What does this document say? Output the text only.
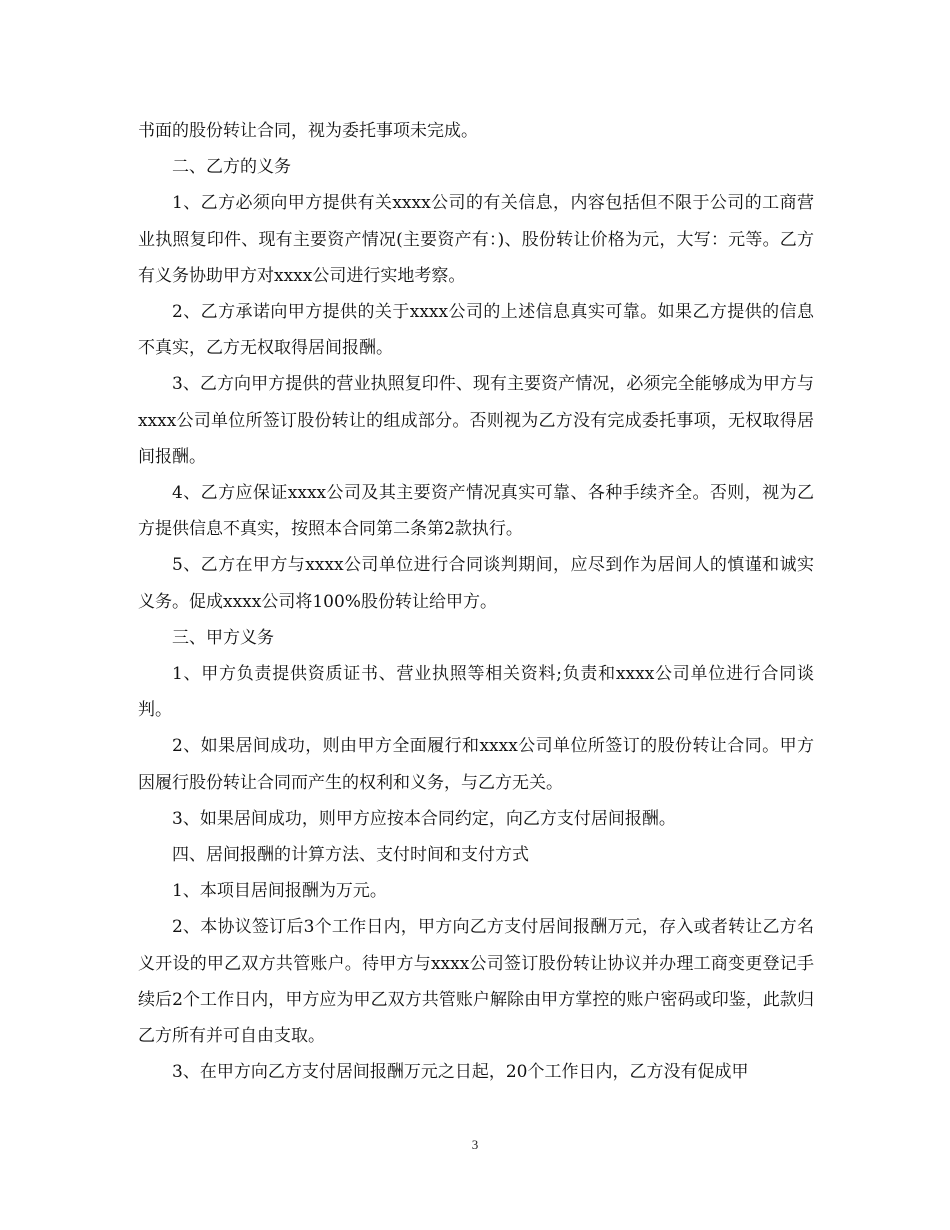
书面的股份转让合同，视为委托事项未完成。

二、乙方的义务

1、乙方必须向甲方提供有关xxxx公司的有关信息，内容包括但不限于公司的工商营业执照复印件、现有主要资产情况(主要资产有：)、股份转让价格为元，大写：元等。乙方有义务协助甲方对xxxx公司进行实地考察。

2、乙方承诺向甲方提供的关于xxxx公司的上述信息真实可靠。如果乙方提供的信息不真实，乙方无权取得居间报酬。

3、乙方向甲方提供的营业执照复印件、现有主要资产情况，必须完全能够成为甲方与xxxx公司单位所签订股份转让的组成部分。否则视为乙方没有完成委托事项，无权取得居间报酬。

4、乙方应保证xxxx公司及其主要资产情况真实可靠、各种手续齐全。否则，视为乙方提供信息不真实，按照本合同第二条第2款执行。

5、乙方在甲方与xxxx公司单位进行合同谈判期间，应尽到作为居间人的慎谨和诚实义务。促成xxxx公司将100%股份转让给甲方。

三、甲方义务

1、甲方负责提供资质证书、营业执照等相关资料;负责和xxxx公司单位进行合同谈判。

2、如果居间成功，则由甲方全面履行和xxxx公司单位所签订的股份转让合同。甲方因履行股份转让合同而产生的权利和义务，与乙方无关。

3、如果居间成功，则甲方应按本合同约定，向乙方支付居间报酬。

四、居间报酬的计算方法、支付时间和支付方式

1、本项目居间报酬为万元。

2、本协议签订后3个工作日内，甲方向乙方支付居间报酬万元，存入或者转让乙方名义开设的甲乙双方共管账户。待甲方与xxxx公司签订股份转让协议并办理工商变更登记手续后2个工作日内，甲方应为甲乙双方共管账户解除由甲方掌控的账户密码或印鉴，此款归乙方所有并可自由支取。

3、在甲方向乙方支付居间报酬万元之日起，20个工作日内，乙方没有促成甲

3
